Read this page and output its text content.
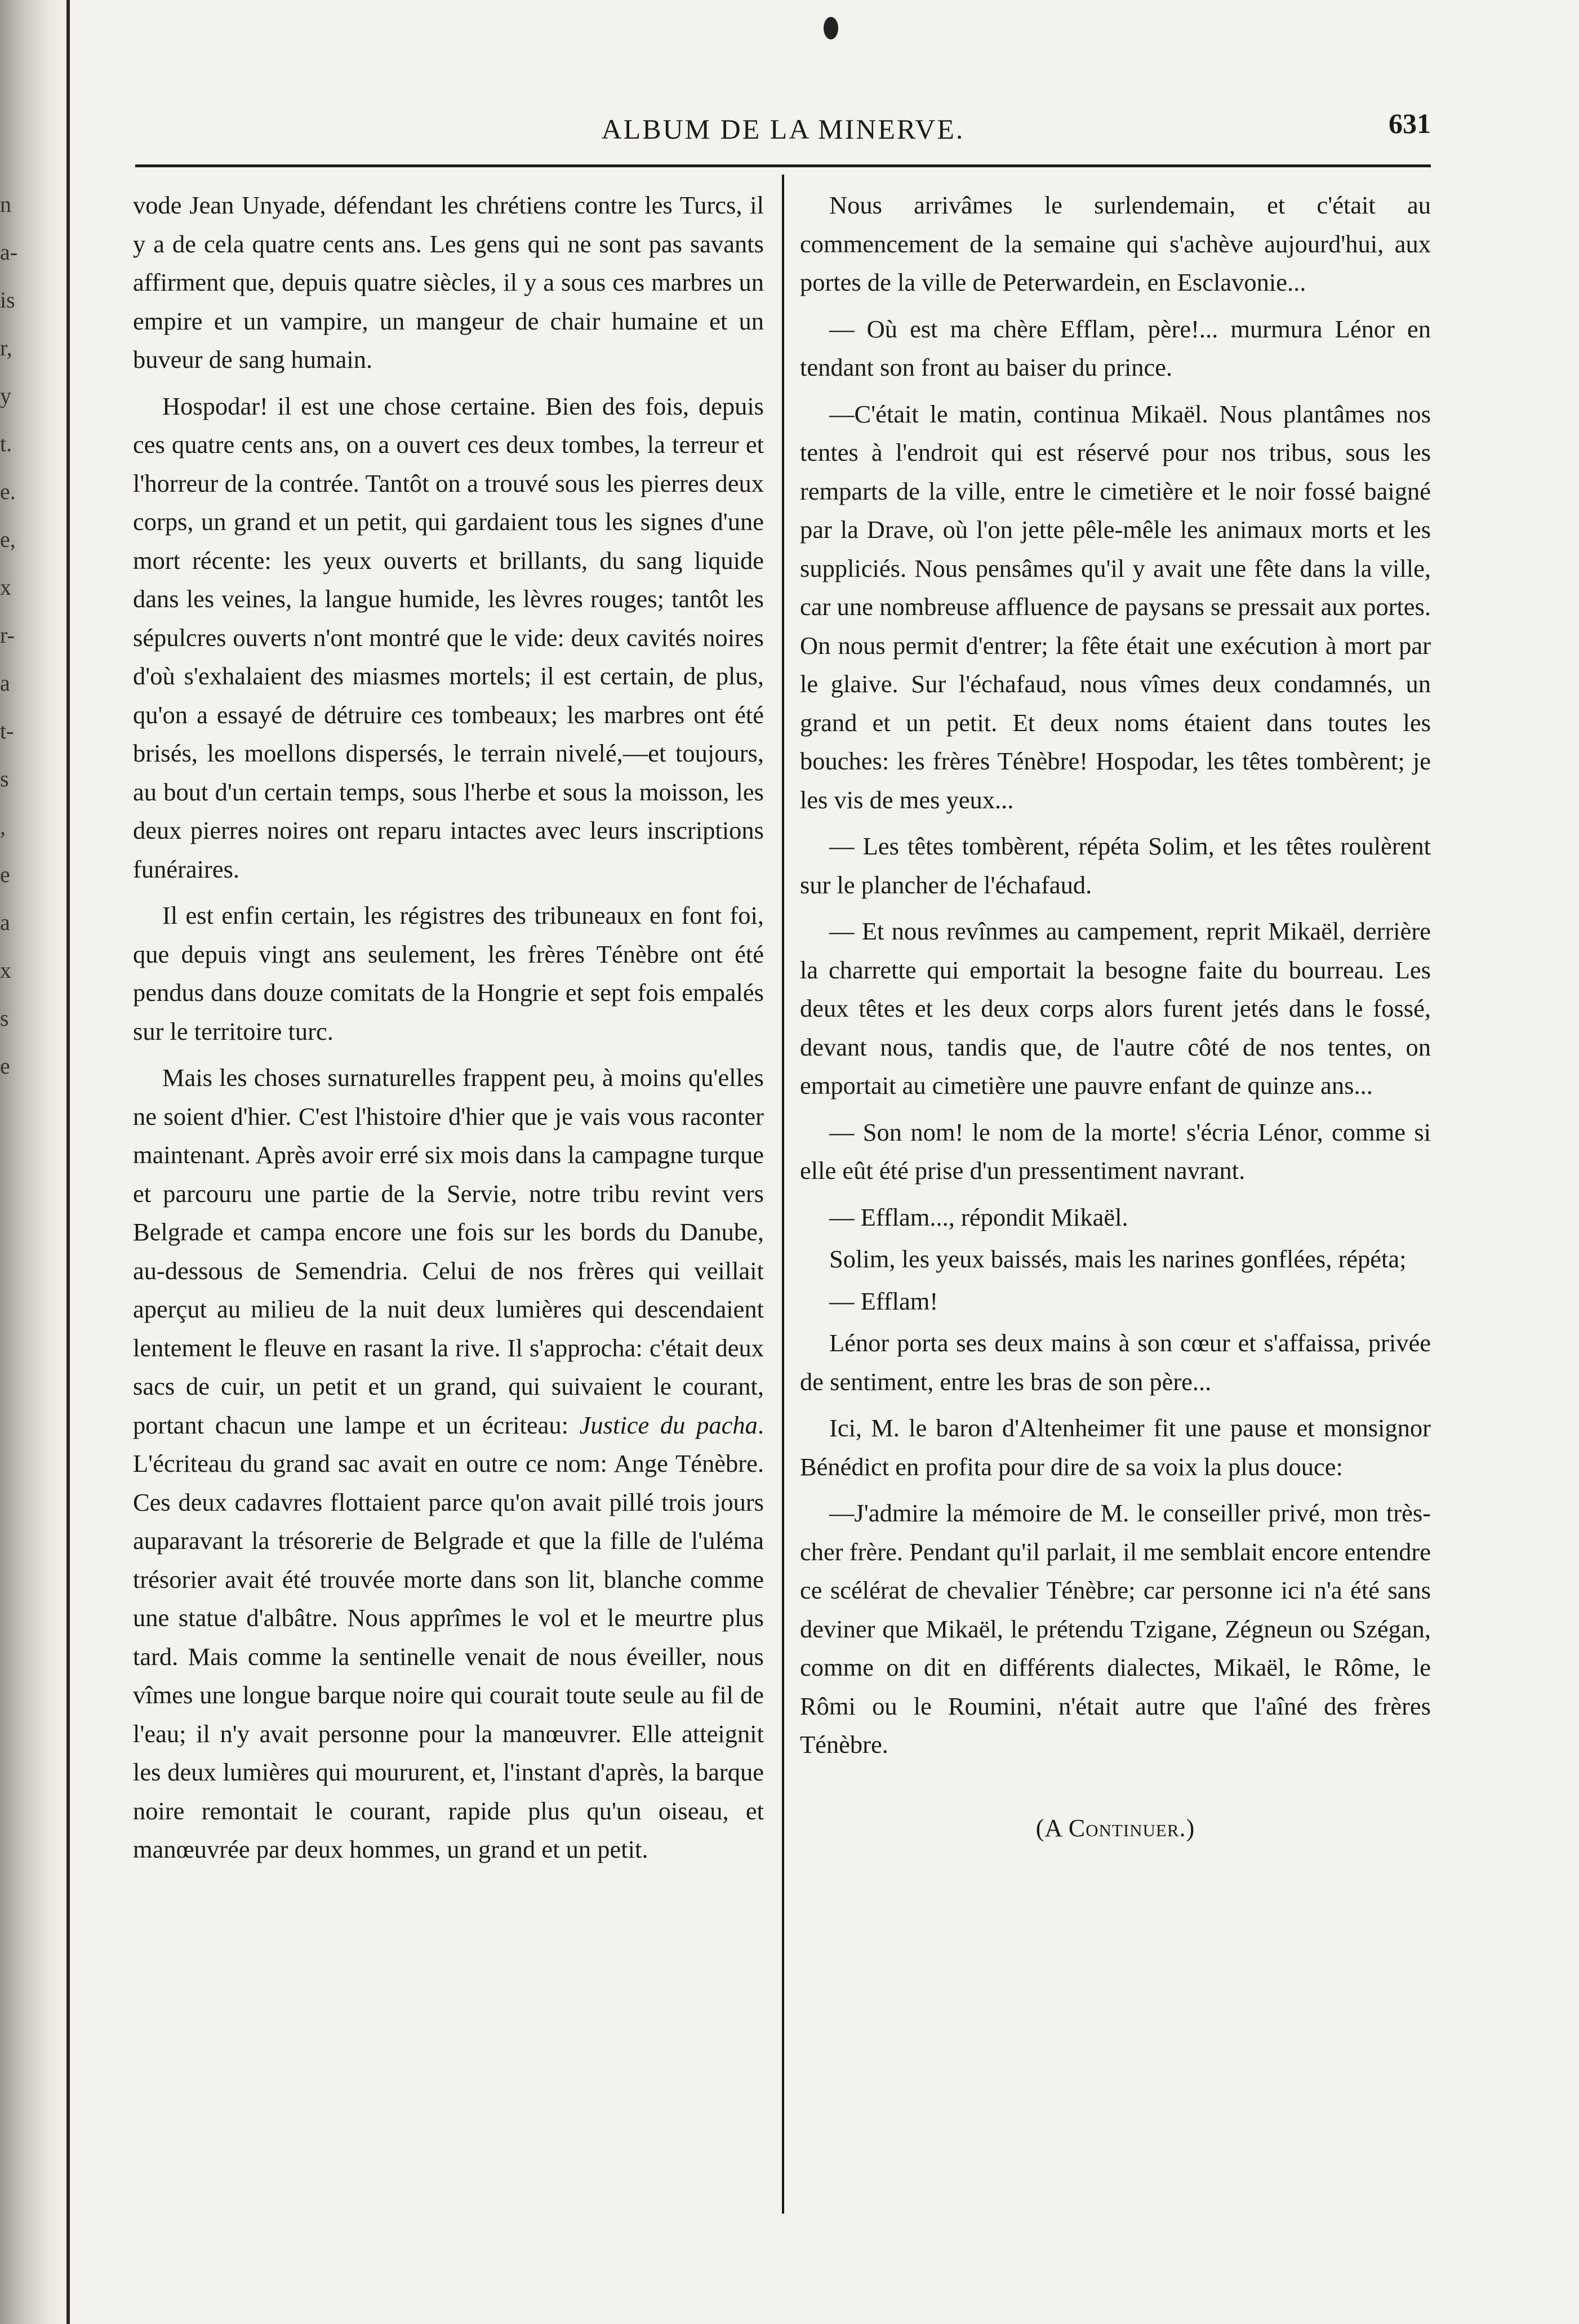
n
a-
is
r,
y
t.
e.
e,
x
r-
a
t-
s
,
e
a
x
s
e
ALBUM DE LA MINERVE.	631

vode Jean Unyade, défendant les chrétiens contre les Turcs, il y a de cela quatre cents ans. Les gens qui ne sont pas savants affirment que, depuis quatre siècles, il y a sous ces marbres un empire et un vampire, un mangeur de chair humaine et un buveur de sang humain.

Hospodar! il est une chose certaine. Bien des fois, depuis ces quatre cents ans, on a ouvert ces deux tombes, la terreur et l'horreur de la contrée. Tantôt on a trouvé sous les pierres deux corps, un grand et un petit, qui gardaient tous les signes d'une mort récente: les yeux ouverts et brillants, du sang liquide dans les veines, la langue humide, les lèvres rouges; tantôt les sépulcres ouverts n'ont montré que le vide: deux cavités noires d'où s'exhalaient des miasmes mortels; il est certain, de plus, qu'on a essayé de détruire ces tombeaux; les marbres ont été brisés, les moellons dispersés, le terrain nivelé,—et toujours, au bout d'un certain temps, sous l'herbe et sous la moisson, les deux pierres noires ont reparu intactes avec leurs inscriptions funéraires.

Il est enfin certain, les régistres des tribuneaux en font foi, que depuis vingt ans seulement, les frères Ténèbre ont été pendus dans douze comitats de la Hongrie et sept fois empalés sur le territoire turc.

Mais les choses surnaturelles frappent peu, à moins qu'elles ne soient d'hier. C'est l'histoire d'hier que je vais vous raconter maintenant. Après avoir erré six mois dans la campagne turque et parcouru une partie de la Servie, notre tribu revint vers Belgrade et campa encore une fois sur les bords du Danube, au-dessous de Semendria. Celui de nos frères qui veillait aperçut au milieu de la nuit deux lumières qui descendaient lentement le fleuve en rasant la rive. Il s'approcha: c'était deux sacs de cuir, un petit et un grand, qui suivaient le courant, portant chacun une lampe et un écriteau: Justice du pacha. L'écriteau du grand sac avait en outre ce nom: Ange Ténèbre. Ces deux cadavres flottaient parce qu'on avait pillé trois jours auparavant la trésorerie de Belgrade et que la fille de l'uléma trésorier avait été trouvée morte dans son lit, blanche comme une statue d'albâtre. Nous apprîmes le vol et le meurtre plus tard. Mais comme la sentinelle venait de nous éveiller, nous vîmes une longue barque noire qui courait toute seule au fil de l'eau; il n'y avait personne pour la manœuvrer. Elle atteignit les deux lumières qui moururent, et, l'instant d'après, la barque noire remontait le courant, rapide plus qu'un oiseau, et manœuvrée par deux hommes, un grand et un petit.

Nous arrivâmes le surlendemain, et c'était au commencement de la semaine qui s'achève aujourd'hui, aux portes de la ville de Peterwardein, en Esclavonie...

— Où est ma chère Efflam, père!... murmura Lénor en tendant son front au baiser du prince.

—C'était le matin, continua Mikaël. Nous plantâmes nos tentes à l'endroit qui est réservé pour nos tribus, sous les remparts de la ville, entre le cimetière et le noir fossé baigné par la Drave, où l'on jette pêle-mêle les animaux morts et les suppliciés. Nous pensâmes qu'il y avait une fête dans la ville, car une nombreuse affluence de paysans se pressait aux portes. On nous permit d'entrer; la fête était une exécution à mort par le glaive. Sur l'échafaud, nous vîmes deux condamnés, un grand et un petit. Et deux noms étaient dans toutes les bouches: les frères Ténèbre! Hospodar, les têtes tombèrent; je les vis de mes yeux...

— Les têtes tombèrent, répéta Solim, et les têtes roulèrent sur le plancher de l'échafaud.

— Et nous revînmes au campement, reprit Mikaël, derrière la charrette qui emportait la besogne faite du bourreau. Les deux têtes et les deux corps alors furent jetés dans le fossé, devant nous, tandis que, de l'autre côté de nos tentes, on emportait au cimetière une pauvre enfant de quinze ans...

— Son nom! le nom de la morte! s'écria Lénor, comme si elle eût été prise d'un pressentiment navrant.

— Efflam..., répondit Mikaël.

Solim, les yeux baissés, mais les narines gonflées, répéta;

— Efflam!

Lénor porta ses deux mains à son cœur et s'affaissa, privée de sentiment, entre les bras de son père...

Ici, M. le baron d'Altenheimer fit une pause et monsignor Bénédict en profita pour dire de sa voix la plus douce:

—J'admire la mémoire de M. le conseiller privé, mon très-cher frère. Pendant qu'il parlait, il me semblait encore entendre ce scélérat de chevalier Ténèbre; car personne ici n'a été sans deviner que Mikaël, le prétendu Tzigane, Zégneun ou Szégan, comme on dit en différents dialectes, Mikaël, le Rôme, le Rômi ou le Roumini, n'était autre que l'aîné des frères Ténèbre.

(A Continuer.)
